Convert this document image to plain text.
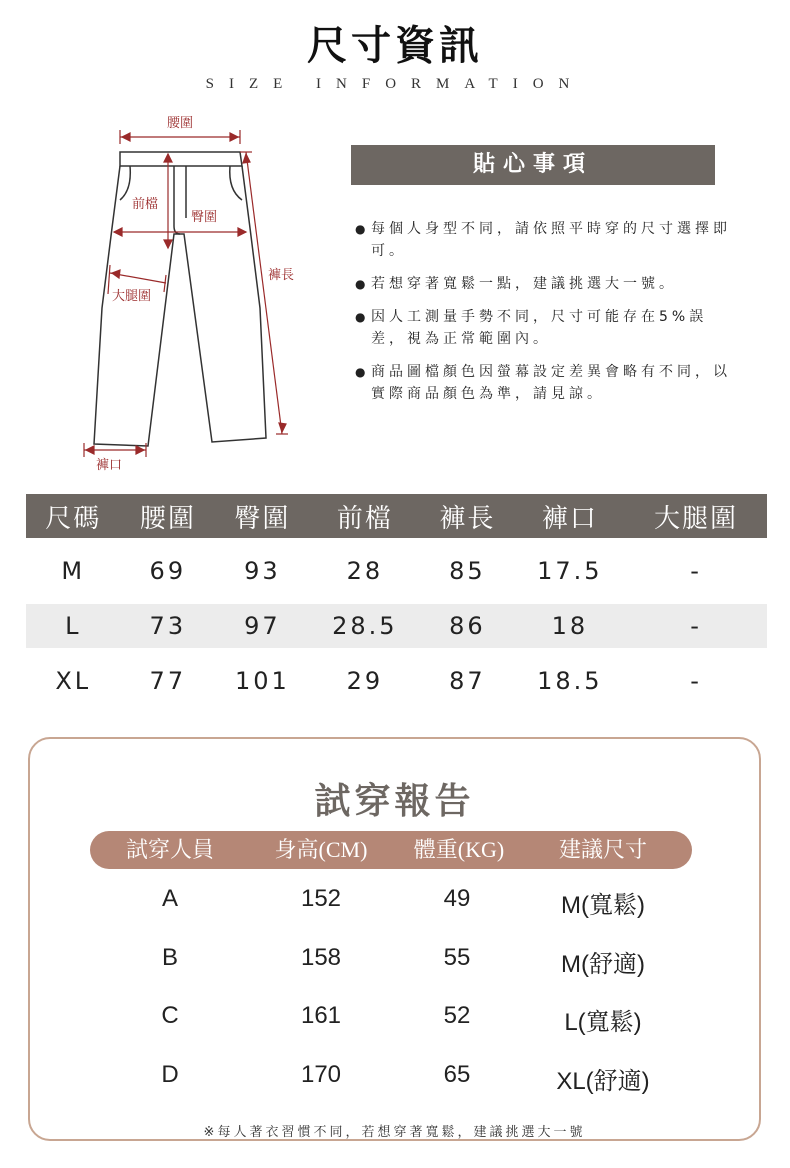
尺寸資訊
SIZE INFORMATION
腰圍
前檔
臀圍
褲長
大腿圍
褲口
貼心事項
● 每個人身型不同，請依照平時穿的尺寸選擇即可。
● 若想穿著寬鬆一點，建議挑選大一號。
● 因人工測量手勢不同，尺寸可能存在5%誤差，視為正常範圍內。
● 商品圖檔顏色因螢幕設定差異會略有不同，以實際商品顏色為準，請見諒。
尺碼	腰圍	臀圍	前檔	褲長	褲口	大腿圍

M	69	93	28	85	17.5	-

L	73	97	28.5	86	18	-

XL	77	101	29	87	18.5	-
試穿報告
試穿人員	身高(CM) 體重(KG) 建議尺寸
A	152	49	M(寬鬆)
B	158	55	M(舒適)
C	161	52	L(寬鬆)
D	170	65	XL(舒適)
※每人著衣習慣不同，若想穿著寬鬆，建議挑選大一號
